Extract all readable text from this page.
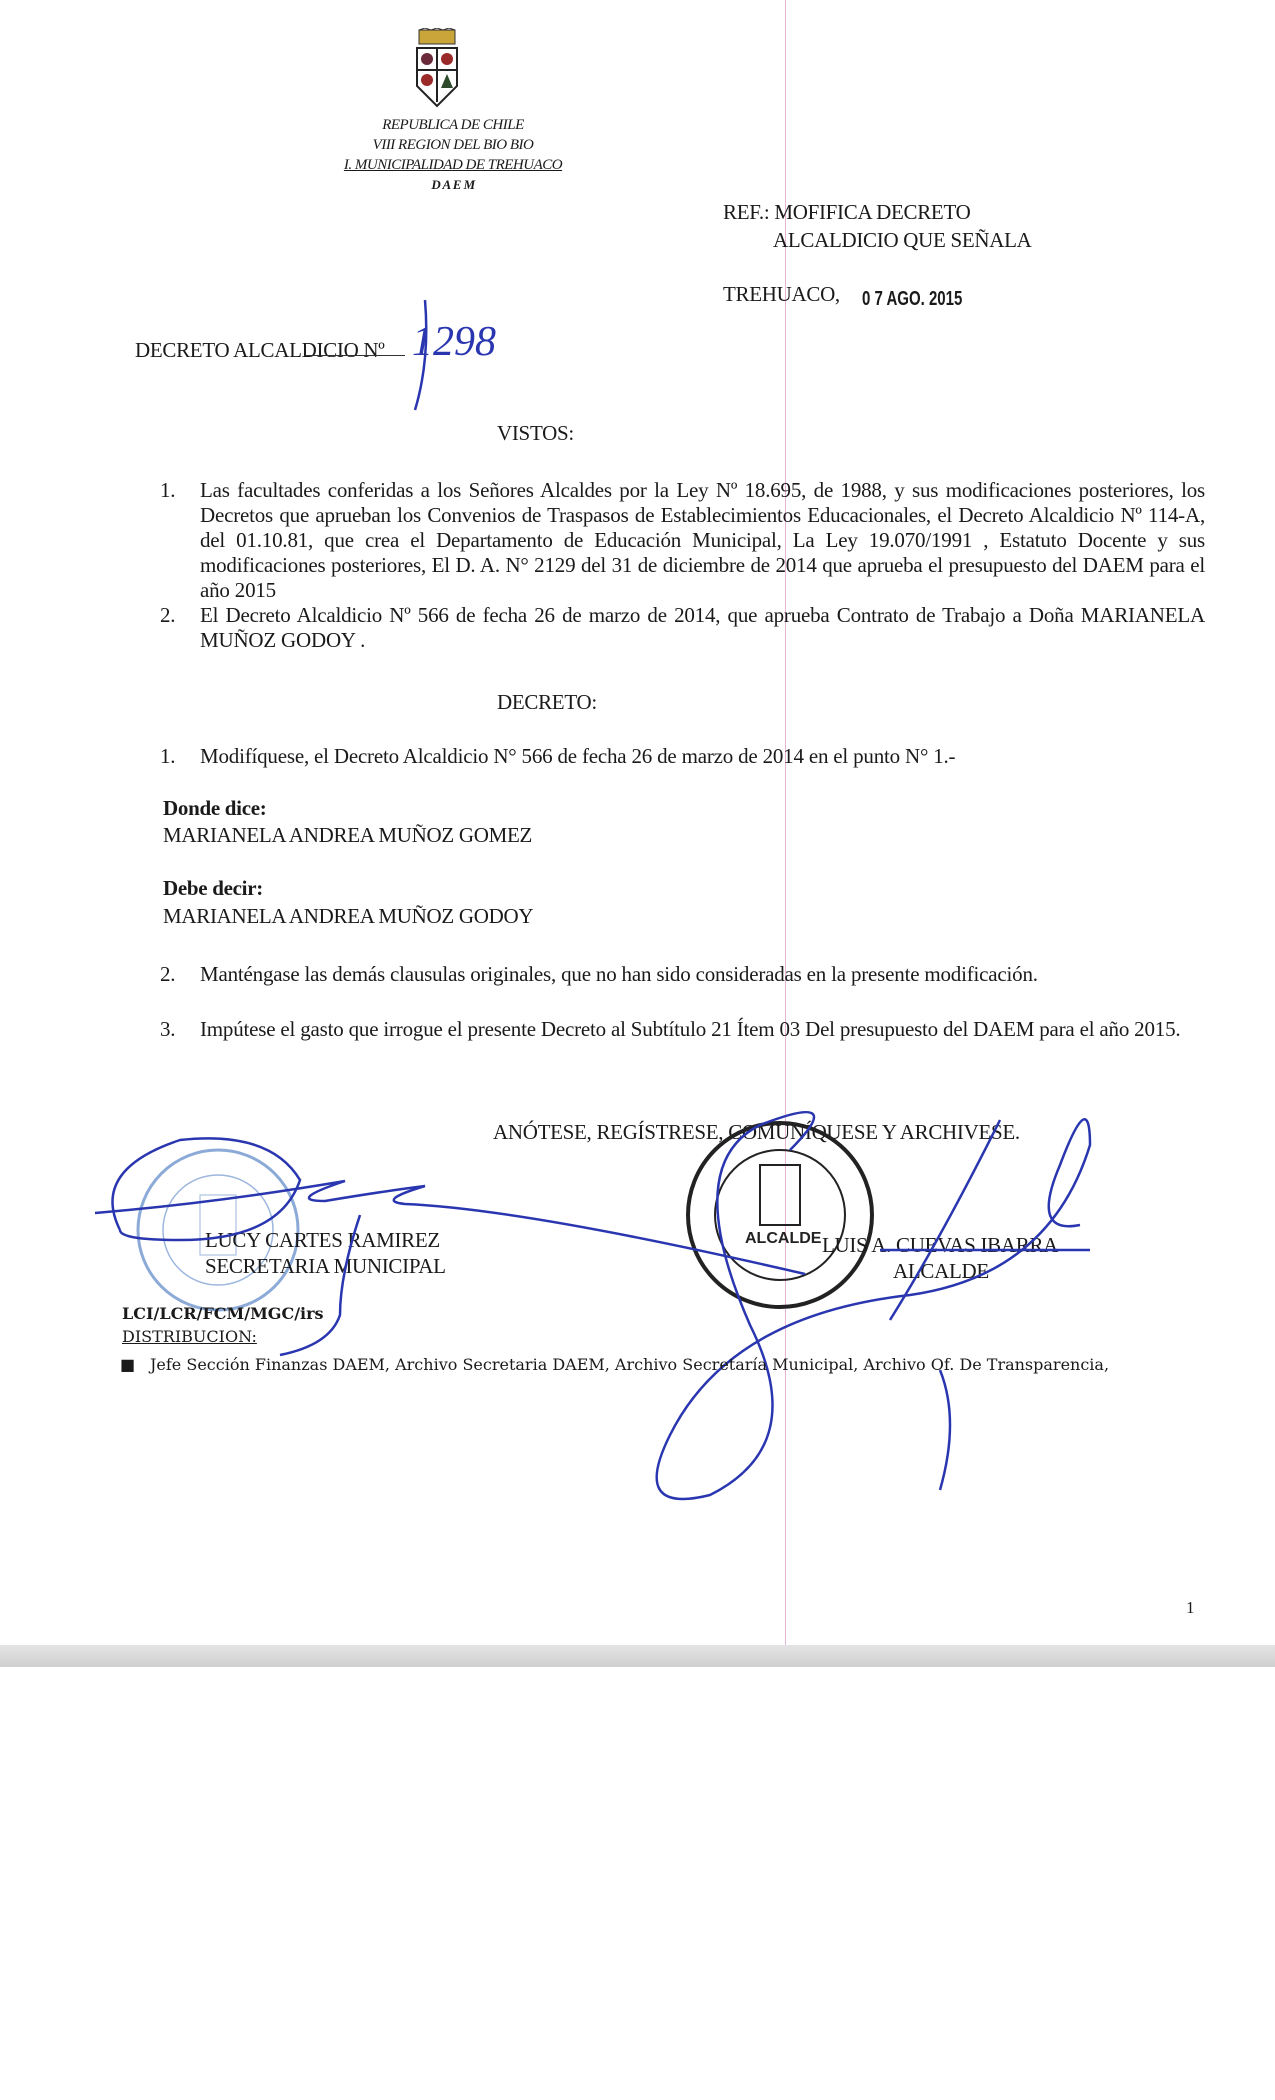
REPUBLICA DE CHILE
VIII REGION DEL BIO BIO
I. MUNICIPALIDAD DE TREHUACO
D A E M
REF.: MOFIFICA DECRETO
ALCALDICIO QUE SEÑALA
TREHUACO, 0 7 AGO. 2015
DECRETO ALCALDICIO Nº 1298
VISTOS:
1.	Las facultades conferidas a los Señores Alcaldes por la Ley Nº 18.695, de 1988, y sus modificaciones posteriores, los Decretos que aprueban los Convenios de Traspasos de Establecimientos Educacionales, el Decreto Alcaldicio Nº 114-A, del 01.10.81, que crea el Departamento de Educación Municipal, La Ley 19.070/1991 , Estatuto Docente y sus modificaciones posteriores, El D. A. N° 2129 del 31 de diciembre de 2014 que aprueba el presupuesto del DAEM para el año 2015
2.	El Decreto Alcaldicio Nº 566 de fecha 26 de marzo de 2014, que aprueba Contrato de Trabajo a Doña MARIANELA MUÑOZ GODOY .
DECRETO:
1.	Modifíquese, el Decreto Alcaldicio N° 566 de fecha 26 de marzo de 2014 en el punto N° 1.-
Donde dice:
MARIANELA ANDREA MUÑOZ GOMEZ
Debe decir:
MARIANELA ANDREA MUÑOZ GODOY
2.	Manténgase las demás clausulas originales, que no han sido consideradas en la presente modificación.
3.	Impútese el gasto que irrogue el presente Decreto al Subtítulo 21 Ítem 03 Del presupuesto del DAEM para el año 2015.
ANÓTESE, REGÍSTRESE, COMUNÍQUESE Y ARCHIVESE.
ALCALDE
LUCY CARTES RAMIREZ
SECRETARIA MUNICIPAL
LUIS A. CUEVAS IBARRA
ALCALDE
LCI/LCR/FCM/MGC/irs
DISTRIBUCION:
■ Jefe Sección Finanzas DAEM, Archivo Secretaria DAEM, Archivo Secretaría Municipal, Archivo Of. De Transparencia,
1
